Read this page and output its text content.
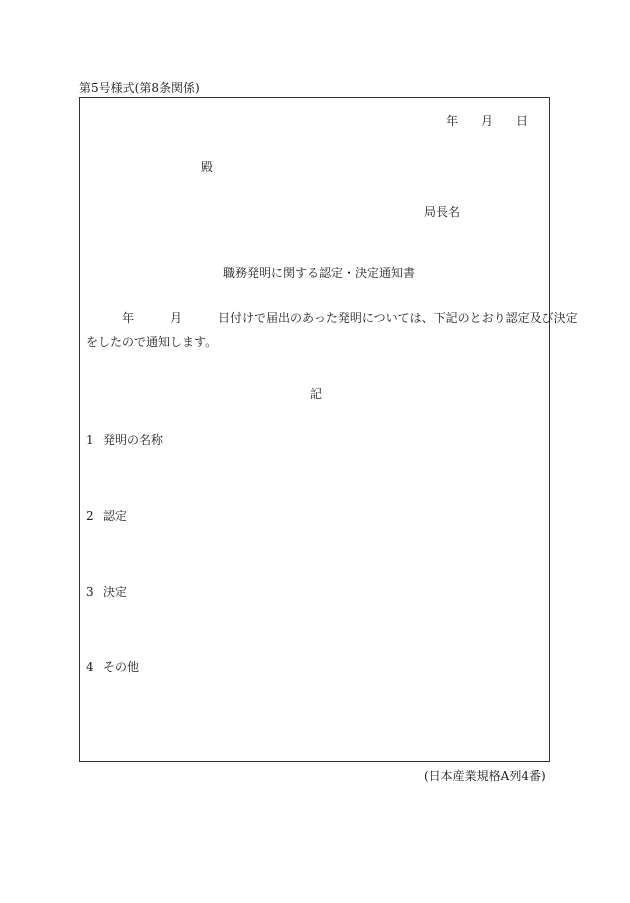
第5号様式(第8条関係)
年 月 日
殿
局長名
職務発明に関する認定・決定通知書
年	月	日付けで届出のあった発明については、下記のとおり認定及び決定
をしたので通知します。
記
1 発明の名称
2 認定
3 決定
4 その他
(日本産業規格A列4番)
